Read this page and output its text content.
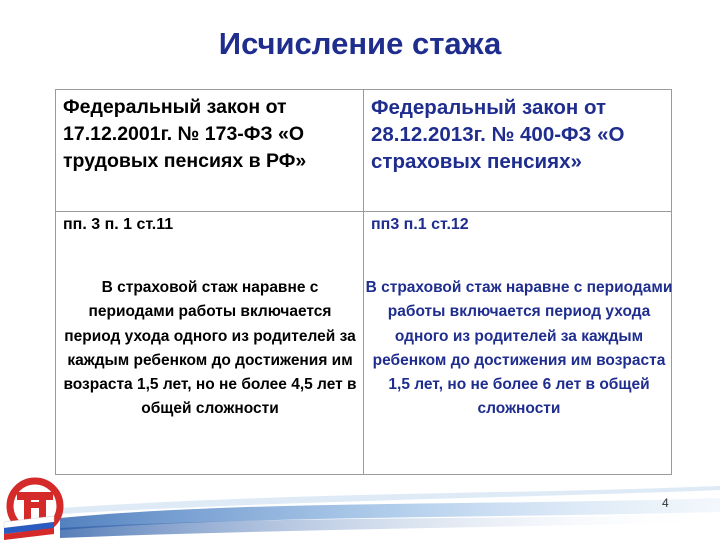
Исчисление стажа
Федеральный закон от 17.12.2001г. № 173-ФЗ «О трудовых пенсиях в РФ»
Федеральный закон от 28.12.2013г. № 400-ФЗ «О страховых пенсиях»
пп. 3 п. 1 ст.11	пп3 п.1 ст.12
В страховой стаж наравне с периодами работы включается период ухода одного из родителей за каждым ребенком до достижения им возраста 1,5 лет, но не более 4,5 лет в общей сложности
В страховой стаж наравне с периодами работы включается период ухода одного из родителей за каждым ребенком до достижения им возраста 1,5 лет, но не более 6 лет в общей сложности
4
